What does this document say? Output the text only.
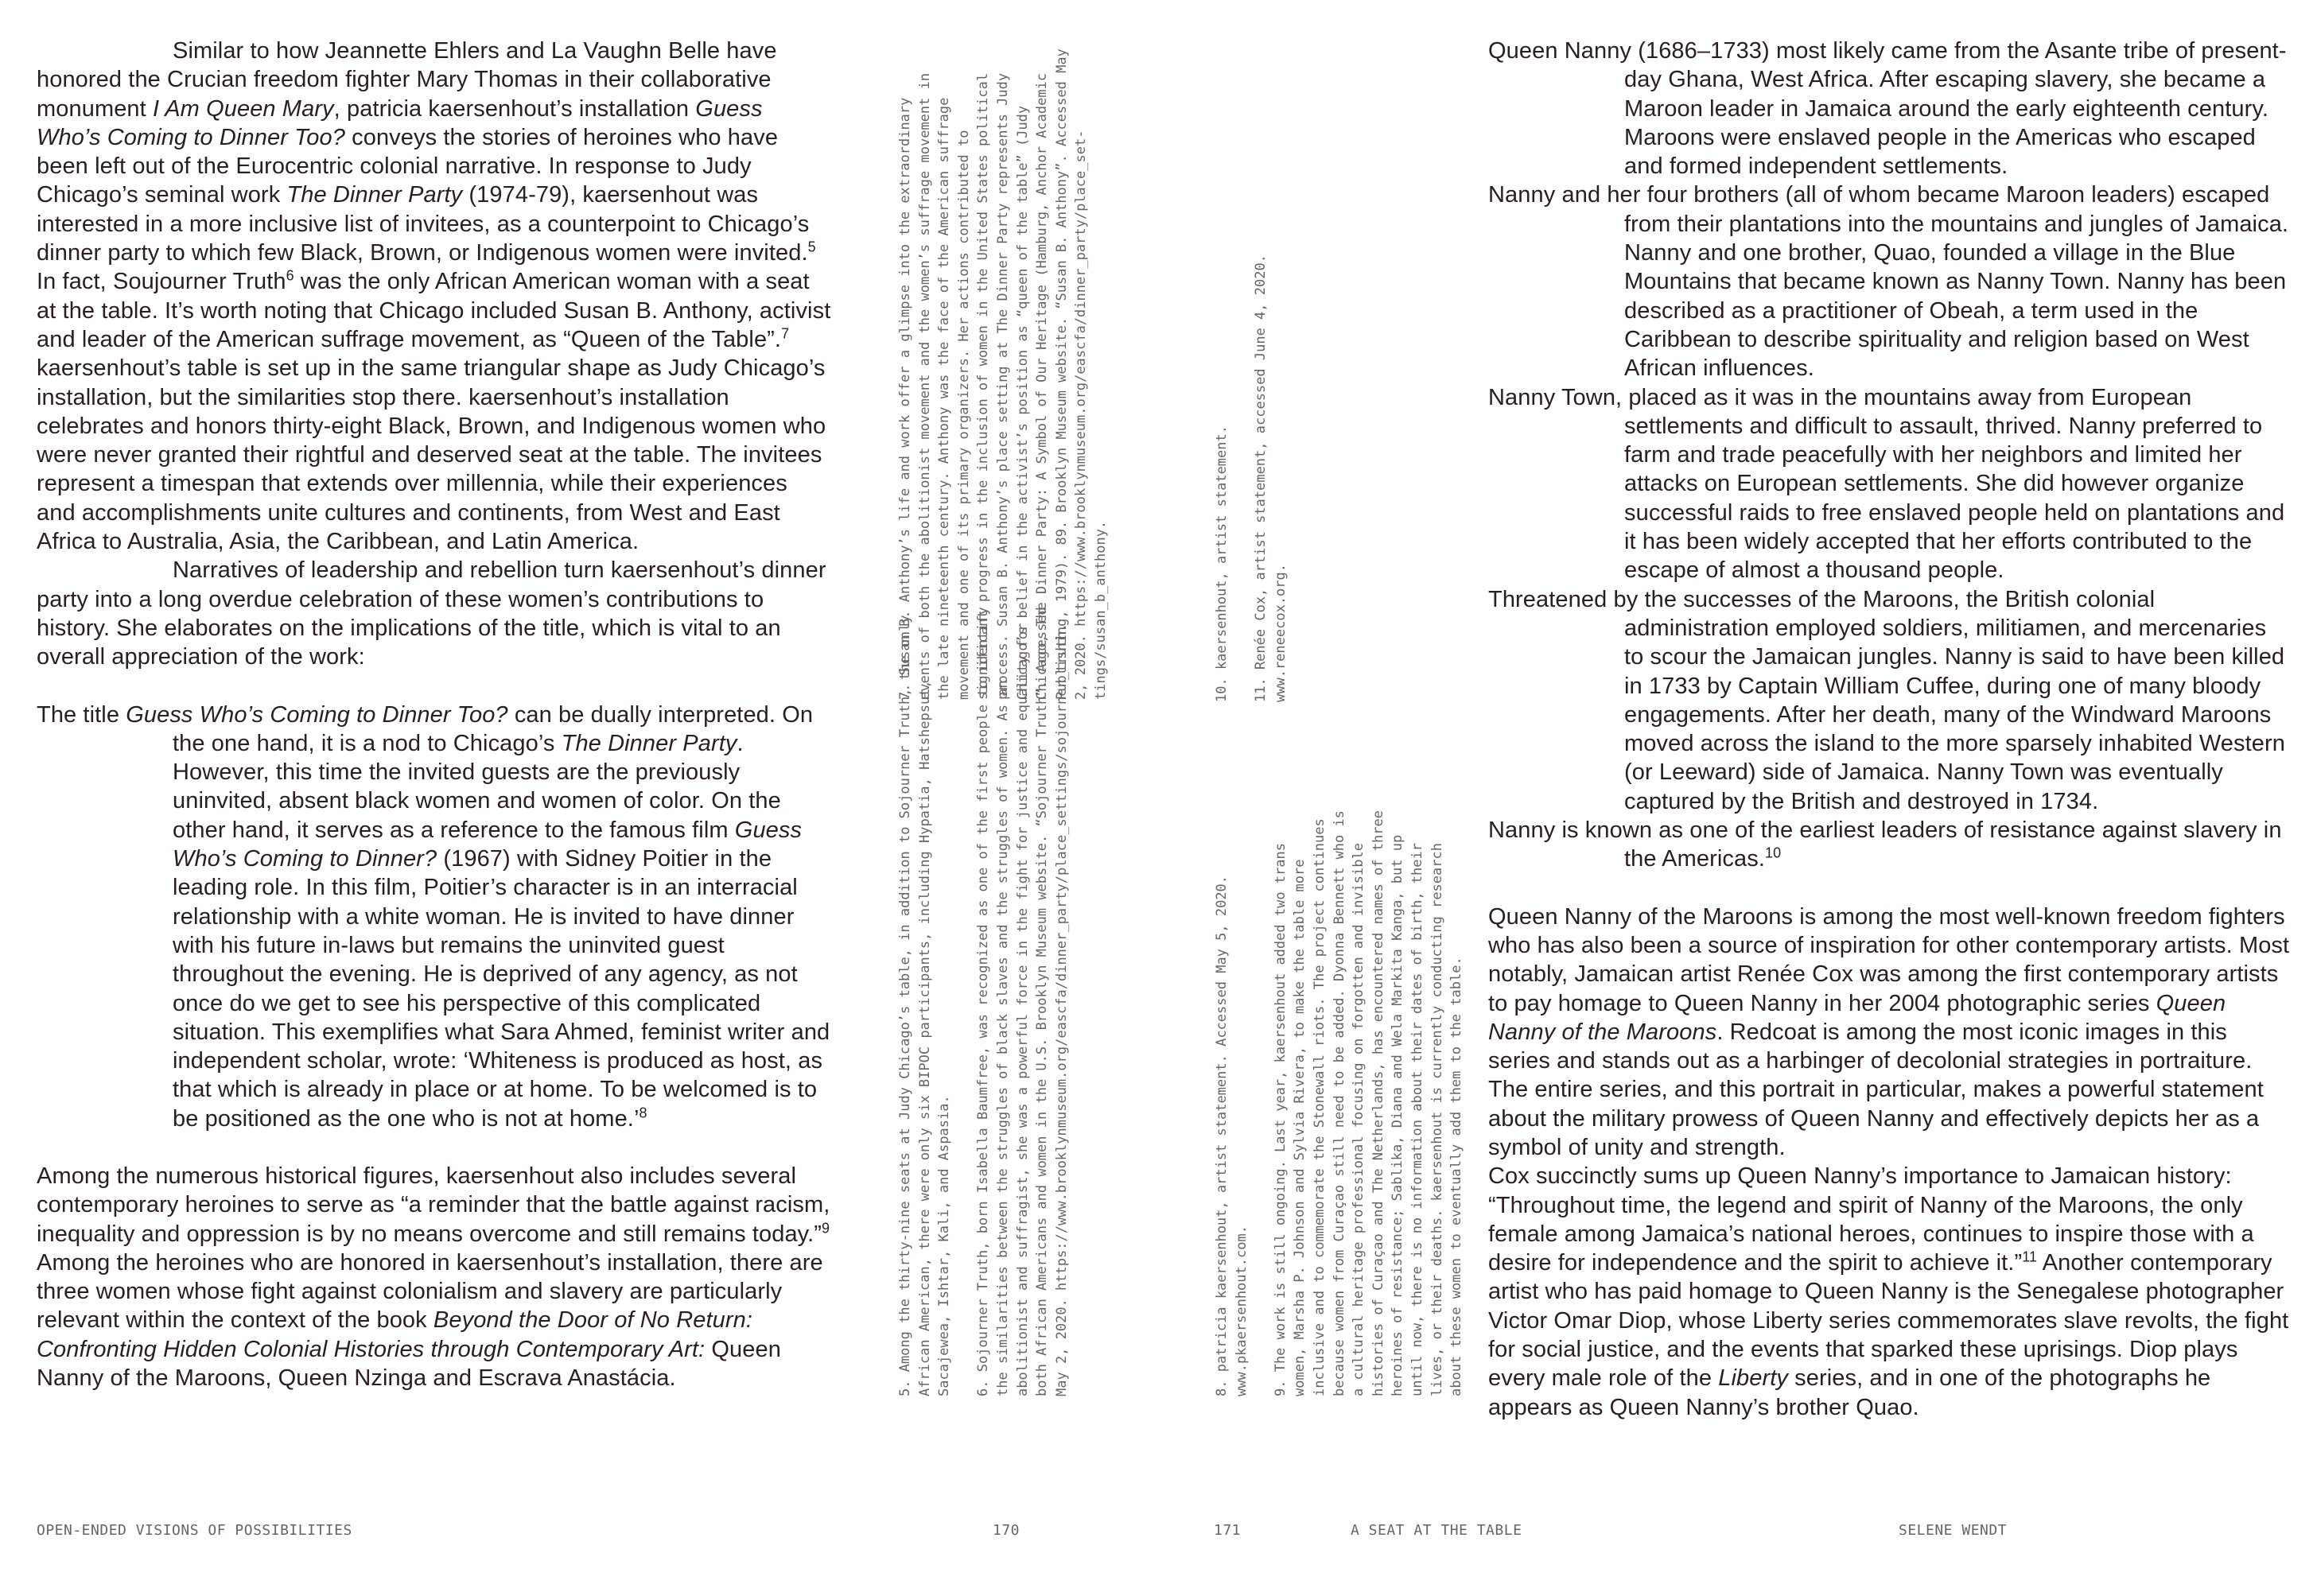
Similar to how Jeannette Ehlers and La Vaughn Belle have honored the Crucian freedom fighter Mary Thomas in their collaborative monument I Am Queen Mary, patricia kaersenhout’s installation Guess Who’s Coming to Dinner Too? conveys the stories of heroines who have been left out of the Eurocentric colonial narrative. In response to Judy Chicago’s seminal work The Dinner Party (1974-79), kaersenhout was interested in a more inclusive list of invitees, as a counterpoint to Chicago’s dinner party to which few Black, Brown, or Indigenous women were invited.$^5$ In fact, Soujourner Truth$^6$ was the only African American woman with a seat at the table. It’s worth noting that Chicago included Susan B. Anthony, activist and leader of the American suffrage movement, as “Queen of the Table”.$^7$ kaersenhout’s table is set up in the same triangular shape as Judy Chicago’s installation, but the similarities stop there. kaersenhout’s installation celebrates and honors thirty-eight Black, Brown, and Indigenous women who were never granted their rightful and deserved seat at the table. The invitees represent a timespan that extends over millennia, while their experiences and accomplishments unite cultures and continents, from West and East Africa to Australia, Asia, the Caribbean, and Latin America.

Narratives of leadership and rebellion turn kaersenhout’s dinner party into a long overdue celebration of these women’s contributions to history. She elaborates on the implications of the title, which is vital to an overall appreciation of the work:

The title Guess Who’s Coming to Dinner Too? can be dually interpreted. On the one hand, it is a nod to Chicago’s The Dinner Party. However, this time the invited guests are the previously uninvited, absent black women and women of color. On the other hand, it serves as a reference to the famous film Guess Who’s Coming to Dinner? (1967) with Sidney Poitier in the leading role. In this film, Poitier’s character is in an interracial relationship with a white woman. He is invited to have dinner with his future in-laws but remains the uninvited guest throughout the evening. He is deprived of any agency, as not once do we get to see his perspective of this complicated situation. This exemplifies what Sara Ahmed, feminist writer and independent scholar, wrote: ‘Whiteness is produced as host, as that which is already in place or at home. To be welcomed is to be positioned as the one who is not at home.’$^8$

Among the numerous historical figures, kaersenhout also includes several contemporary heroines to serve as “a reminder that the battle against racism, inequality and oppression is by no means overcome and still remains today.”$^9$ Among the heroines who are honored in kaersenhout’s installation, there are three women whose fight against colonialism and slavery are particularly relevant within the context of the book Beyond the Door of No Return: Confronting Hidden Colonial Histories through Contemporary Art: Queen Nanny of the Maroons, Queen Nzinga and Escrava Anastácia.

Queen Nanny (1686–1733) most likely came from the Asante tribe of present-day Ghana, West Africa. After escaping slavery, she became a Maroon leader in Jamaica around the early eighteenth century. Maroons were enslaved people in the Americas who escaped and formed independent settlements.

Nanny and her four brothers (all of whom became Maroon leaders) escaped from their plantations into the mountains and jungles of Jamaica. Nanny and one brother, Quao, founded a village in the Blue Mountains that became known as Nanny Town. Nanny has been described as a practitioner of Obeah, a term used in the Caribbean to describe spirituality and religion based on West African influences.

Nanny Town, placed as it was in the mountains away from European settlements and difficult to assault, thrived. Nanny preferred to farm and trade peacefully with her neighbors and limited her attacks on European settlements. She did however organize successful raids to free enslaved people held on plantations and it has been widely accepted that her efforts contributed to the escape of almost a thousand people.

Threatened by the successes of the Maroons, the British colonial administration employed soldiers, militiamen, and mercenaries to scour the Jamaican jungles. Nanny is said to have been killed in 1733 by Captain William Cuffee, during one of many bloody engagements. After her death, many of the Windward Maroons moved across the island to the more sparsely inhabited Western (or Leeward) side of Jamaica. Nanny Town was eventually captured by the British and destroyed in 1734.

Nanny is known as one of the earliest leaders of resistance against slavery in the Americas.$^{10}$

Queen Nanny of the Maroons is among the most well-known freedom fighters who has also been a source of inspiration for other contemporary artists. Most notably, Jamaican artist Renée Cox was among the first contemporary artists to pay homage to Queen Nanny in her 2004 photographic series Queen Nanny of the Maroons. Redcoat is among the most iconic images in this series and stands out as a harbinger of decolonial strategies in portraiture. The entire series, and this portrait in particular, makes a powerful statement about the military prowess of Queen Nanny and effectively depicts her as a symbol of unity and strength.

Cox succinctly sums up Queen Nanny’s importance to Jamaican history: “Throughout time, the legend and spirit of Nanny of the Maroons, the only female among Jamaica’s national heroes, continues to inspire those with a desire for independence and the spirit to achieve it.”$^{11}$ Another contemporary artist who has paid homage to Queen Nanny is the Senegalese photographer Victor Omar Diop, whose Liberty series commemorates slave revolts, the fight for social justice, and the events that sparked these uprisings. Diop plays every male role of the Liberty series, and in one of the photographs he appears as Queen Nanny’s brother Quao.

5. Among the thirty-nine seats at Judy Chicago’s table, in addition to Sojourner Truth, the only African American, there were only six BIPOC participants, including Hypatia, Hatshepsut, Sacajewea, Ishtar, Kali, and Aspasia. 6. Sojourner Truth, born Isabella Baumfree, was recognized as one of the first people to identify the similarities between the struggles of black slaves and the struggles of women. As an abolitionist and suffragist, she was a powerful force in the fight for justice and equality for both African Americans and women in the U.S. Brooklyn Museum website. “Sojourner Truth”. Accessed May 2, 2020. https://www.brooklynmuseum.org/eascfa/dinner_party/place_settings/sojourner_truth.

7. Susan B. Anthony’s life and work offer a glimpse into the extraordinary events of both the abolitionist movement and the women’s suffrage movement in the late nineteenth century. Anthony was the face of the American suffrage movement and one of its primary organizers. Her actions contributed to significant progress in the inclusion of women in the United States political process. Susan B. Anthony’s place setting at The Dinner Party represents Judy Chicago’s belief in the activist’s position as “queen of the table” (Judy Chicago, The Dinner Party: A Symbol of Our Heritage (Hamburg, Anchor Academic Publishing, 1979). 89. Brooklyn Museum website. “Susan B. Anthony”. Accessed May 2, 2020. https://www.brooklynmuseum.org/eascfa/dinner_party/place_settings/susan_b_anthony.

8. patricia kaersenhout, artist statement. Accessed May 5, 2020. www.pkaersenhout.com. 9. The work is still ongoing. Last year, kaersenhout added two trans women, Marsha P. Johnson and Sylvia Rivera, to make the table more inclusive and to commemorate the Stonewall riots. The project continues because women from Curaçao still need to be added. Dyonna Bennett who is a cultural heritage professional focusing on forgotten and invisible histories of Curaçao and The Netherlands, has encountered names of three heroines of resistance; Sablika, Diana and Wela Markita Kanga, but up until now, there is no information about their dates of birth, their lives, or their deaths. kaersenhout is currently conducting research about these women to eventually add them to the table.

10. kaersenhout, artist statement. 11. Renée Cox, artist statement, accessed June 4, 2020. www.reneecox.org.

OPEN-ENDED VISIONS OF POSSIBILITIES	170	171	A SEAT AT THE TABLE	SELENE WENDT
